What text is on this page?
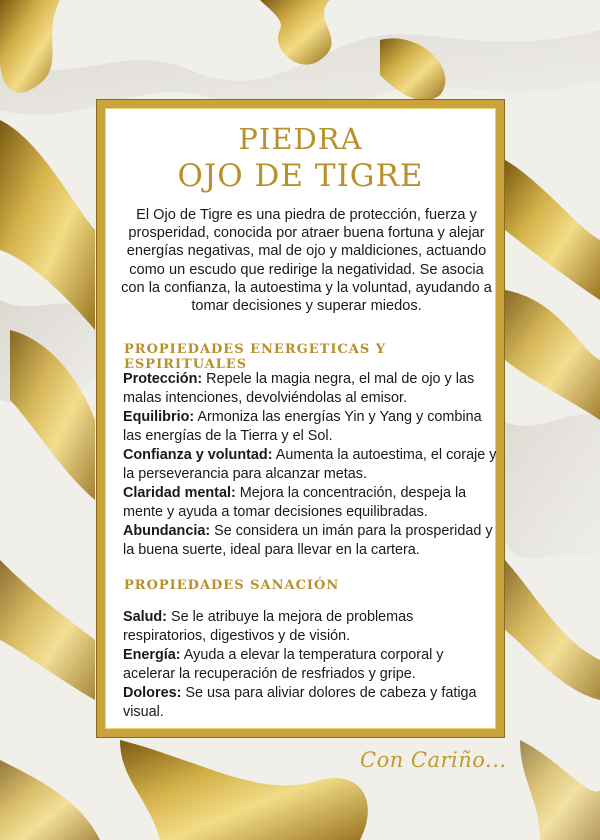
PIEDRA
OJO DE TIGRE
El Ojo de Tigre es una piedra de protección, fuerza y prosperidad, conocida por atraer buena fortuna y alejar energías negativas, mal de ojo y maldiciones, actuando como un escudo que redirige la negatividad. Se asocia con la confianza, la autoestima y la voluntad, ayudando a tomar decisiones y superar miedos.
PROPIEDADES ENERGETICAS Y ESPIRITUALES
Protección: Repele la magia negra, el mal de ojo y las malas intenciones, devolviéndolas al emisor.
Equilibrio: Armoniza las energías Yin y Yang y combina las energías de la Tierra y el Sol.
Confianza y voluntad: Aumenta la autoestima, el coraje y la perseverancia para alcanzar metas.
Claridad mental: Mejora la concentración, despeja la mente y ayuda a tomar decisiones equilibradas.
Abundancia: Se considera un imán para la prosperidad y la buena suerte, ideal para llevar en la cartera.
PROPIEDADES SANACIÓN
Salud: Se le atribuye la mejora de problemas respiratorios, digestivos y de visión.
Energía: Ayuda a elevar la temperatura corporal y acelerar la recuperación de resfriados y gripe.
Dolores: Se usa para aliviar dolores de cabeza y fatiga visual.
Con Cariño...
